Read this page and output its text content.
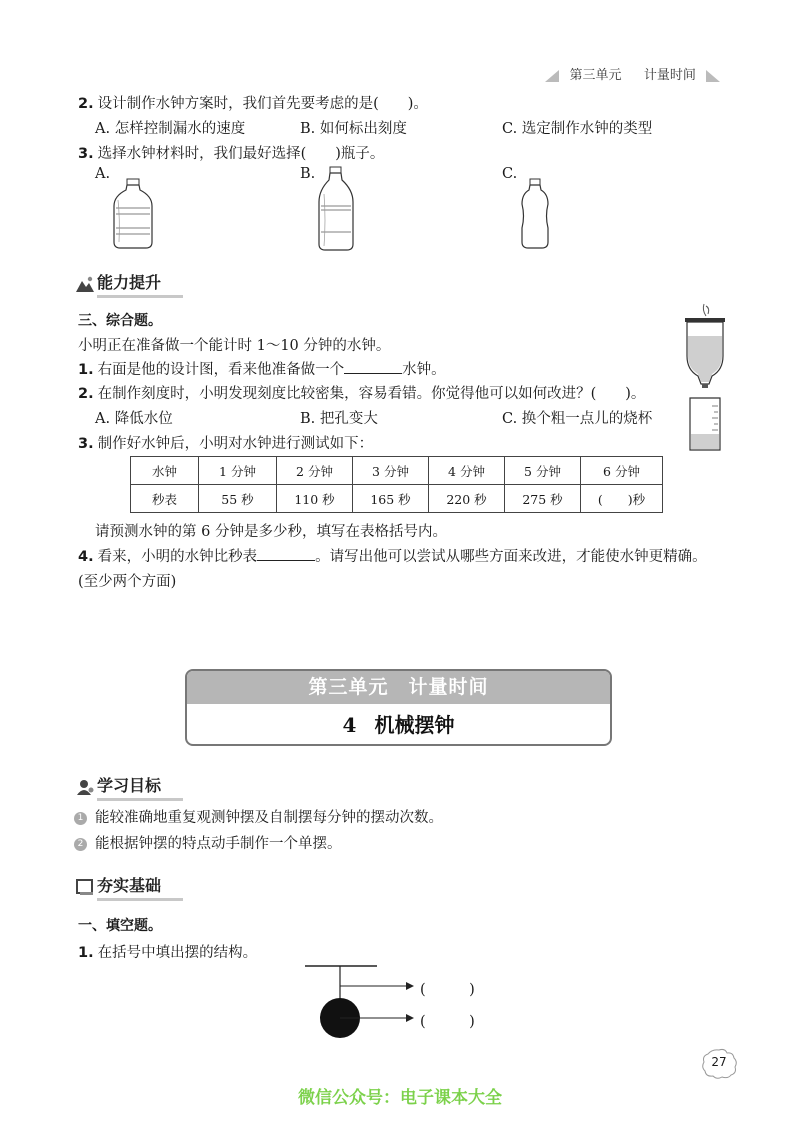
第三单元 计量时间
2. 设计制作水钟方案时，我们首先要考虑的是(　　)。
A. 怎样控制漏水的速度	B. 如何标出刻度	C. 选定制作水钟的类型
3. 选择水钟材料时，我们最好选择(　　)瓶子。
A.	B.	C.
能力提升
三、综合题。
小明正在准备做一个能计时 1～10 分钟的水钟。
1. 右面是他的设计图，看来他准备做一个	水钟。
2. 在制作刻度时，小明发现刻度比较密集，容易看错。你觉得他可以如何改进？(　　)。
A. 降低水位	B. 把孔变大	C. 换个粗一点儿的烧杯
3. 制作好水钟后，小明对水钟进行测试如下：
水钟	1 分钟	2 分钟	3 分钟	4 分钟	5 分钟	6 分钟
秒表	55 秒	110 秒	165 秒	220 秒	275 秒	(　　)秒
请预测水钟的第 6 分钟是多少秒，填写在表格括号内。
4. 看来，小明的水钟比秒表	。请写出他可以尝试从哪些方面来改进，才能使水钟更精确。
(至少两个方面)
第三单元　计量时间
4 机械摆钟
学习目标
1 能较准确地重复观测钟摆及自制摆每分钟的摆动次数。
2 能根据钟摆的特点动手制作一个单摆。
夯实基础
一、填空题。
1. 在括号中填出摆的结构。
(　　　)
(　　　)
27
微信公众号：电子课本大全
